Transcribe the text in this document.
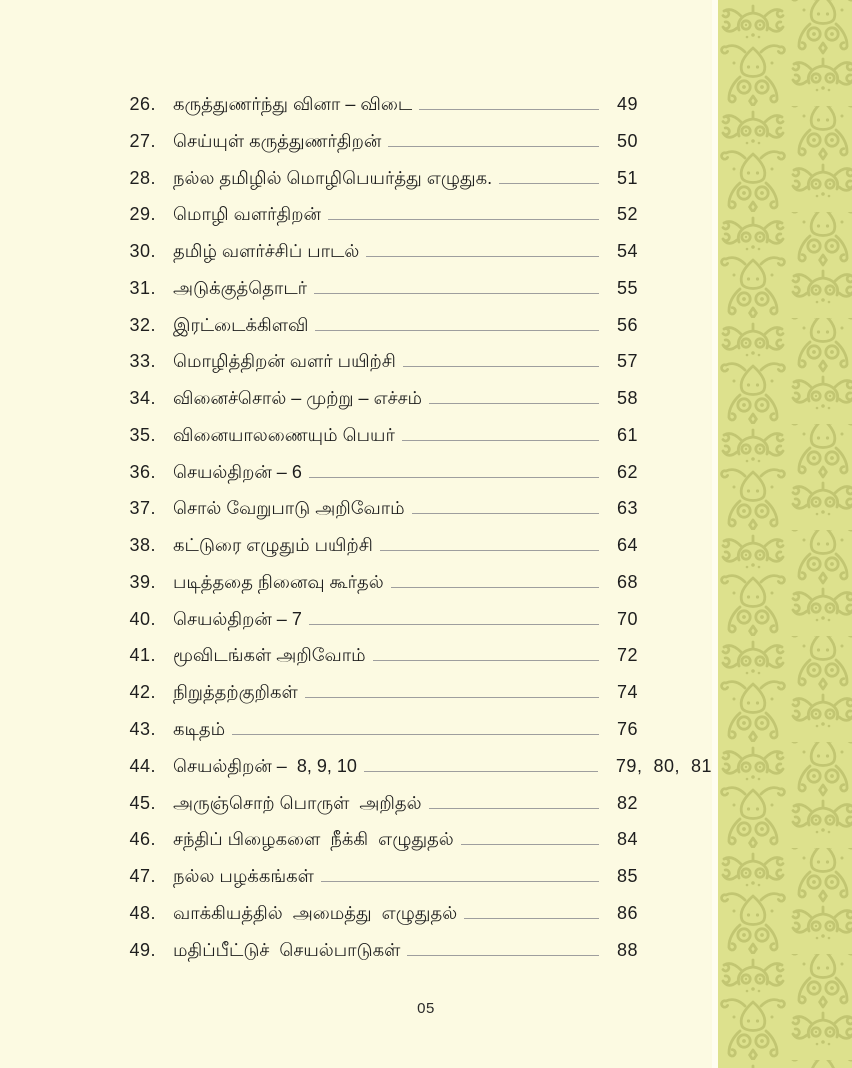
26. கருத்துணர்ந்து வினா – விடை	49
27. செய்யுள் கருத்துணர்திறன்	50
28. நல்ல தமிழில் மொழிபெயர்த்து எழுதுக.	51
29. மொழி வளர்திறன்	52
30. தமிழ் வளர்ச்சிப் பாடல்	54
31. அடுக்குத்தொடர்	55
32. இரட்டைக்கிளவி	56
33. மொழித்திறன் வளர் பயிற்சி	57
34. வினைச்சொல் – முற்று – எச்சம்	58
35. வினையாலணையும் பெயர்	61
36. செயல்திறன் – 6	62
37. சொல் வேறுபாடு அறிவோம்	63
38. கட்டுரை எழுதும் பயிற்சி	64
39. படித்ததை நினைவு கூர்தல்	68
40. செயல்திறன் – 7	70
41. மூவிடங்கள் அறிவோம்	72
42. நிறுத்தற்குறிகள்	74
43. கடிதம்	76
44. செயல்திறன் –  8, 9, 10	79,  80,  81
45. அருஞ்சொற் பொருள்  அறிதல்	82
46. சந்திப் பிழைகளை  நீக்கி  எழுதுதல்	84
47. நல்ல பழக்கங்கள்	85
48. வாக்கியத்தில்  அமைத்து  எழுதுதல்	86
49. மதிப்பீட்டுச்  செயல்பாடுகள்	88
05
